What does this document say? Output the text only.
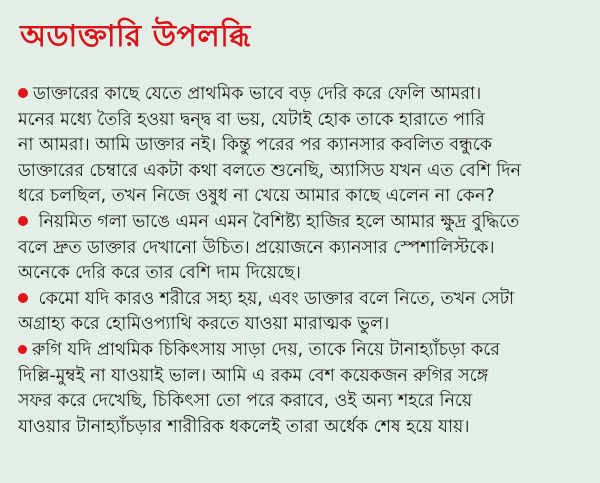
অডাক্তারি উপলব্ধি
ডাক্তারের কাছে যেতে প্রাথমিক ভাবে বড় দেরি করে ফেলি আমরা।
মনের মধ্যে তৈরি হওয়া দ্বন্দ্ব বা ভয়, যেটাই হোক তাকে হারাতে পারি
না আমরা। আমি ডাক্তার নই। কিন্তু পরের পর ক্যানসার কবলিত বন্ধুকে
ডাক্তারের চেম্বারে একটা কথা বলতে শুনেছি, অ্যাসিড যখন এত বেশি দিন
ধরে চলছিল, তখন নিজে ওষুধ না খেয়ে আমার কাছে এলেন না কেন?
নিয়মিত গলা ভাঙে এমন এমন বৈশিষ্ট্য হাজির হলে আমার ক্ষুদ্র বুদ্ধিতে
বলে দ্রুত ডাক্তার দেখানো উচিত। প্রয়োজনে ক্যানসার স্পেশালিস্টকে।
অনেকে দেরি করে তার বেশি দাম দিয়েছে।
কেমো যদি কারও শরীরে সহ্য হয়, এবং ডাক্তার বলে নিতে, তখন সেটা
অগ্রাহ্য করে হোমিওপ্যাথি করতে যাওয়া মারাত্মক ভুল।
রুগি যদি প্রাথমিক চিকিৎসায় সাড়া দেয়, তাকে নিয়ে টানাহ্যাঁচড়া করে
দিল্লি-মুম্বই না যাওয়াই ভাল। আমি এ রকম বেশ কয়েকজন রুগির সঙ্গে
সফর করে দেখেছি, চিকিৎসা তো পরে করাবে, ওই অন্য শহরে নিয়ে
যাওয়ার টানাহ্যাঁচড়ার শারীরিক ধকলেই তারা অর্ধেক শেষ হয়ে যায়।
